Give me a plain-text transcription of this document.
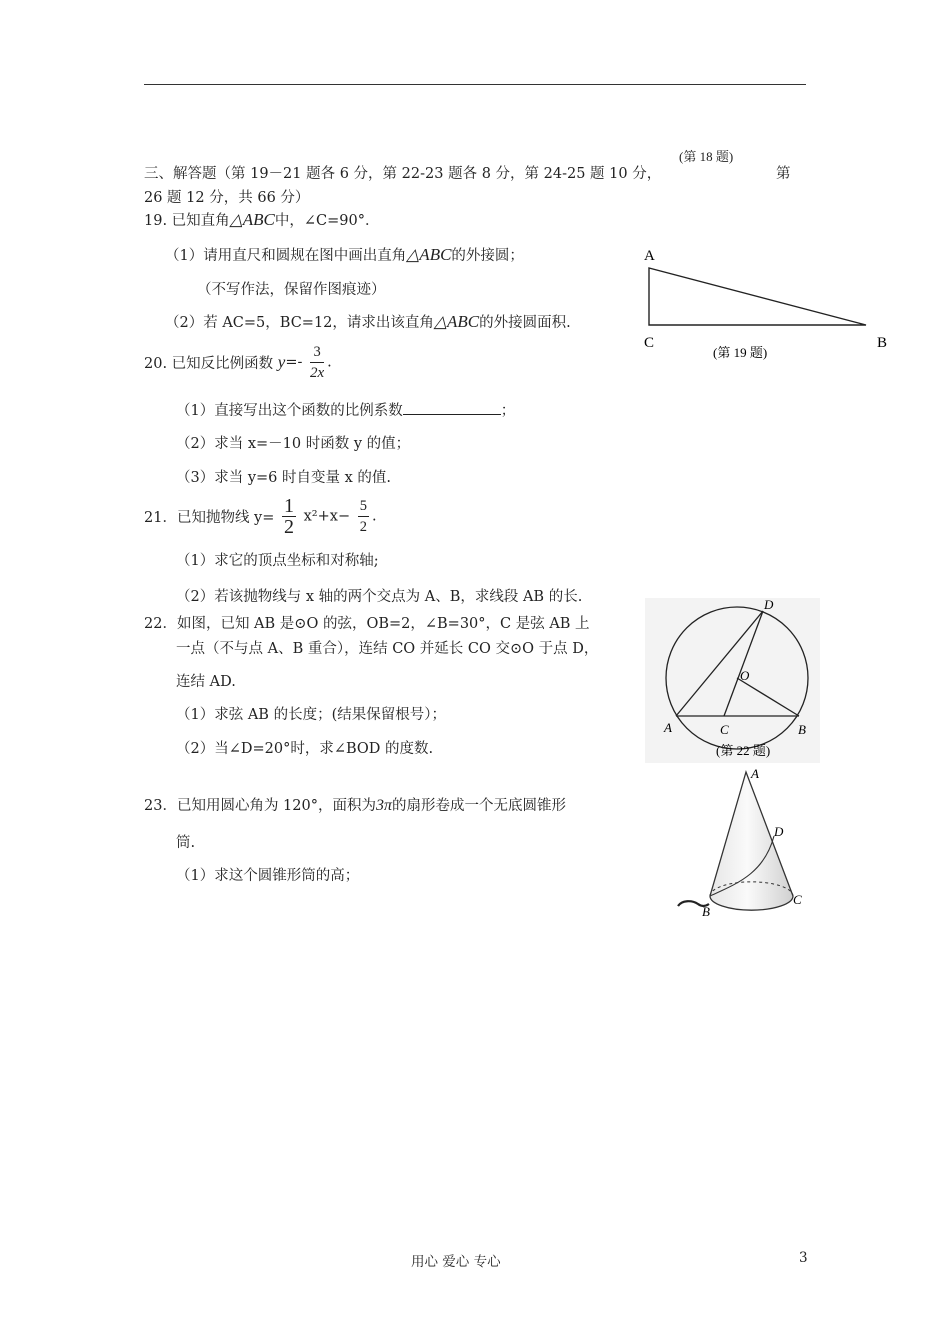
(第 18 题)
三、解答题（第 19－21 题各 6 分，第 22-23 题各 8 分，第 24-25 题 10 分，	第
26 题 12 分，共 66 分）
19. 已知直角△ABC中，∠C=90°．
（1）请用直尺和圆规在图中画出直角△ABC的外接圆；
（不写作法，保留作图痕迹）
（2）若 AC=5，BC=12，请求出该直角△ABC的外接圆面积.
A
C	B
(第 19 题)
20. 已知反比例函数 $y=- \frac{3}{2x}$ .
（1）直接写出这个函数的比例系数	；
（2）求当 x=－10 时函数 y 的值；
（3）求当 y=6 时自变量 x 的值.
21．已知抛物线 $y= \frac{1}{2} x^2+x- \frac{5}{2}$ .
（1）求它的顶点坐标和对称轴;
（2）若该抛物线与 x 轴的两个交点为 A、B，求线段 AB 的长.
22．如图，已知 AB 是⊙O 的弦，OB=2，∠B=30°，C 是弦 AB 上
一点（不与点 A、B 重合），连结 CO 并延长 CO 交⊙O 于点 D，
连结 AD.
（1）求弦 AB 的长度；(结果保留根号）；
（2）当∠D=20°时，求∠BOD 的度数.
D
O
A	C	B
(第 22 题)
23．已知用圆心角为 120°，面积为3π的扇形卷成一个无底圆锥形
筒.
（1）求这个圆锥形筒的高；
A
D
B
C
用心 爱心 专心	3
